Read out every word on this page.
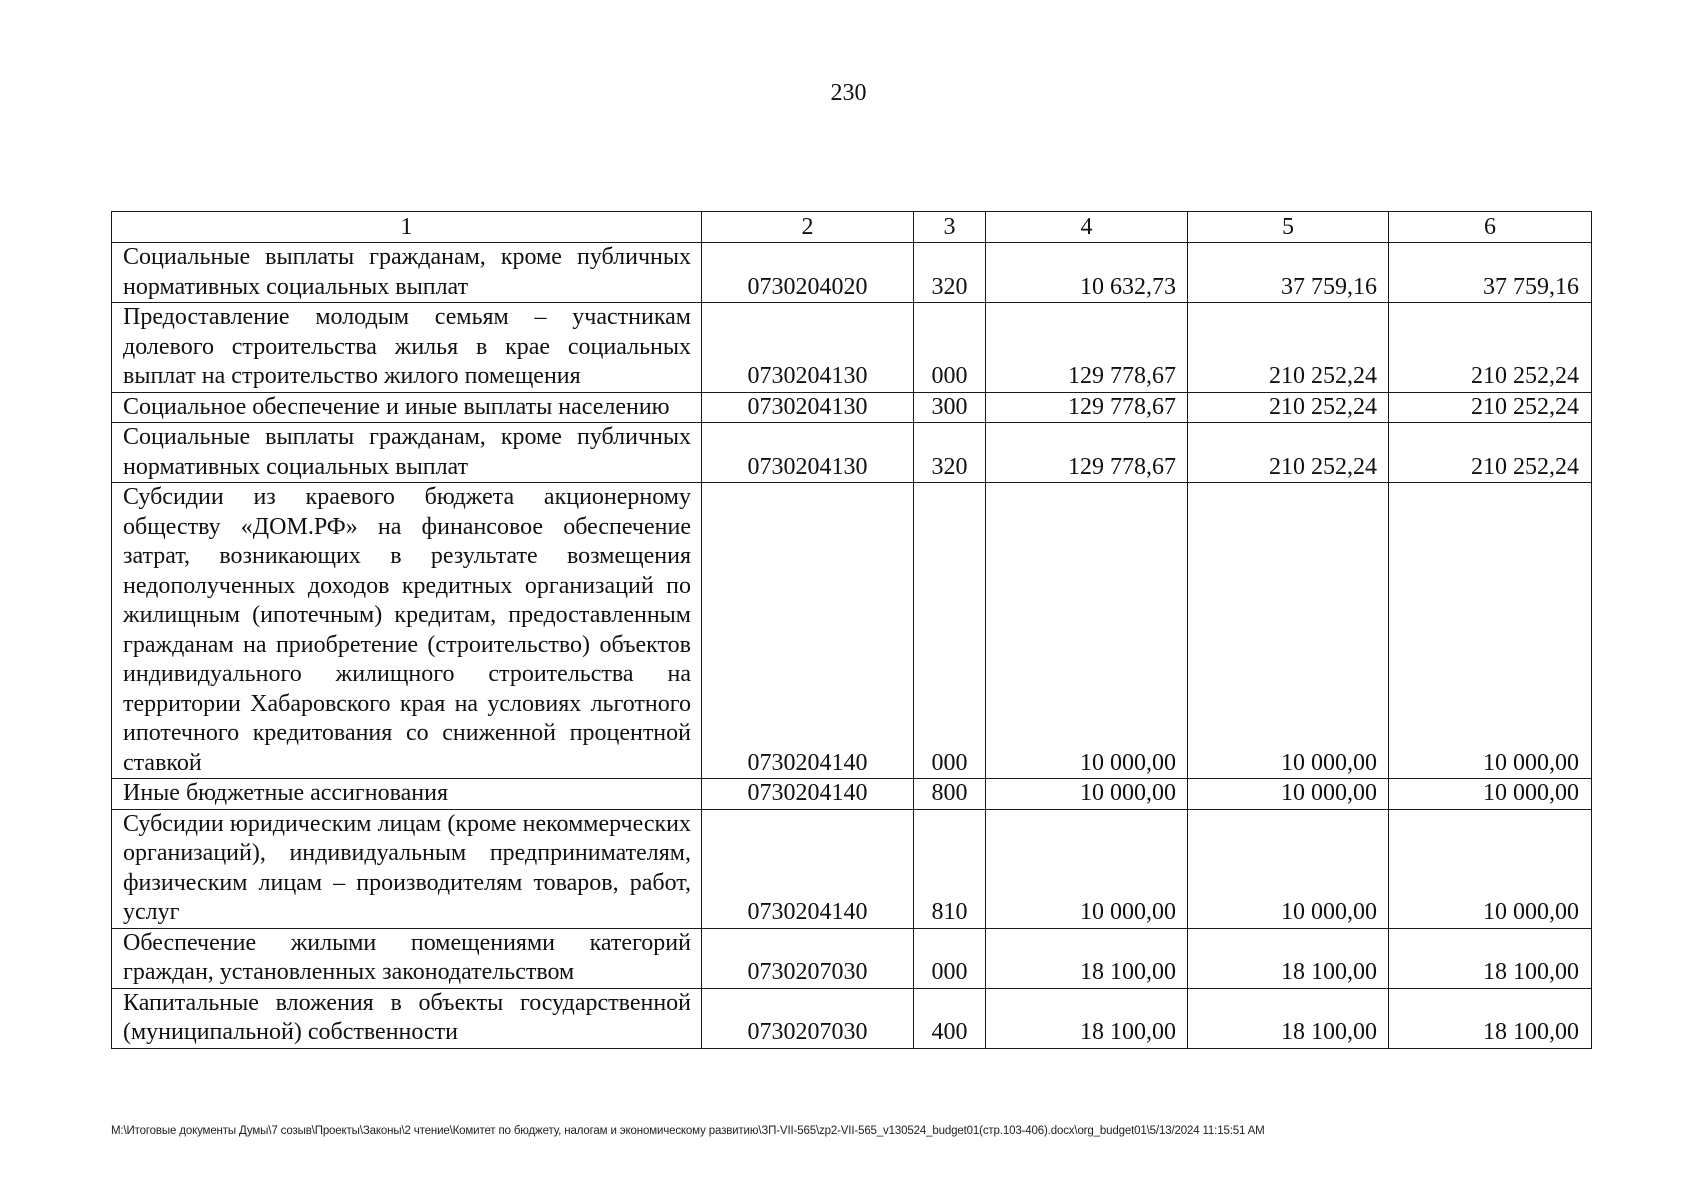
230
1	2	3	4	5	6
Социальные выплаты гражданам, кроме публичных нормативных социальных выплат	0730204020	320	10 632,73	37 759,16	37 759,16
Предоставление молодым семьям – участникам долевого строительства жилья в крае социальных выплат на строительство жилого помещения	0730204130	000	129 778,67	210 252,24	210 252,24
Социальное обеспечение и иные выплаты населению	0730204130	300	129 778,67	210 252,24	210 252,24
Социальные выплаты гражданам, кроме публичных нормативных социальных выплат	0730204130	320	129 778,67	210 252,24	210 252,24
Субсидии из краевого бюджета акционерному обществу «ДОМ.РФ» на финансовое обеспечение затрат, возникающих в результате возмещения недополученных доходов кредитных организаций по жилищным (ипотечным) кредитам, предоставленным гражданам на приобретение (строительство) объектов индивидуального жилищного строительства на территории Хабаровского края на условиях льготного ипотечного кредитования со сниженной процентной ставкой	0730204140	000	10 000,00	10 000,00	10 000,00
Иные бюджетные ассигнования	0730204140	800	10 000,00	10 000,00	10 000,00
Субсидии юридическим лицам (кроме некоммерческих организаций), индивидуальным предпринимателям, физическим лицам – производителям товаров, работ, услуг	0730204140	810	10 000,00	10 000,00	10 000,00
Обеспечение жилыми помещениями категорий граждан, установленных законодательством	0730207030	000	18 100,00	18 100,00	18 100,00
Капитальные вложения в объекты государственной (муниципальной) собственности	0730207030	400	18 100,00	18 100,00	18 100,00
M:\Итоговые документы Думы\7 созыв\Проекты\Законы\2 чтение\Комитет по бюджету, налогам и экономическому развитию\ЗП-VII-565\zp2-VII-565_v130524_budget01(стр.103-406).docx\org_budget01\5/13/2024 11:15:51 AM
